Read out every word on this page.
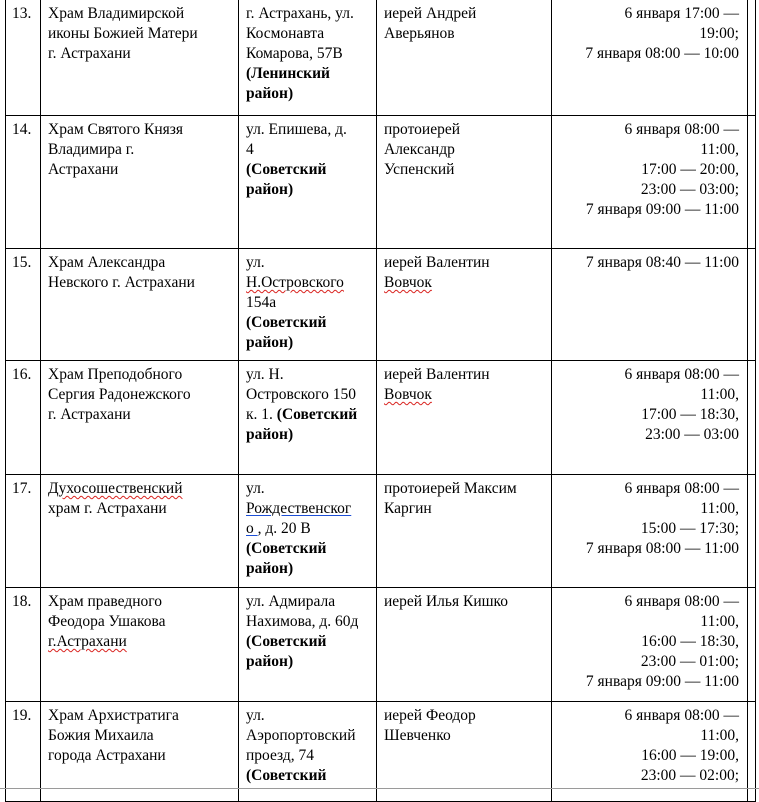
13.	Храм Владимирской
иконы Божией Матери
г. Астрахани	г. Астрахань, ул.
Космонавта
Комарова, 57В
(Ленинский
район)	иерей Андрей
Аверьянов	6 января 17:00 —
19:00;
7 января 08:00 — 10:00	

14.	Храм Святого Князя
Владимира г.
Астрахани	ул. Епишева, д.
4
(Советский
район)	протоиерей
Александр
Успенский	6 января 08:00 —
11:00,
17:00 — 20:00,
23:00 — 03:00;
7 января 09:00 — 11:00	

15.	Храм Александра
Невского г. Астрахани	ул.
Н.Островского
154а
(Советский
район)	иерей Валентин
Вовчок	7 января 08:40 — 11:00	

16.	Храм Преподобного
Сергия Радонежского
г. Астрахани	ул. Н.
Островского 150
к. 1. (Советский
район)	иерей Валентин
Вовчок	6 января 08:00 —
11:00,
17:00 — 18:30,
23:00 — 03:00	

17.	Духосошественский
храм г. Астрахани	ул.
Рождественског
о , д. 20 В
(Советский
район)	протоиерей Максим
Каргин	6 января 08:00 —
11:00,
15:00 — 17:30;
7 января 08:00 — 11:00	

18.	Храм праведного
Феодора Ушакова
г.Астрахани	ул. Адмирала
Нахимова, д. 60д
(Советский
район)	иерей Илья Кишко	6 января 08:00 —
11:00,
16:00 — 18:30,
23:00 — 01:00;
7 января 09:00 — 11:00	

19.	Храм Архистратига
Божия Михаила
города Астрахани	ул.
Аэропортовский
проезд, 74
(Советский	иерей Феодор
Шевченко	6 января 08:00 —
11:00,
16:00 — 19:00,
23:00 — 02:00;	
